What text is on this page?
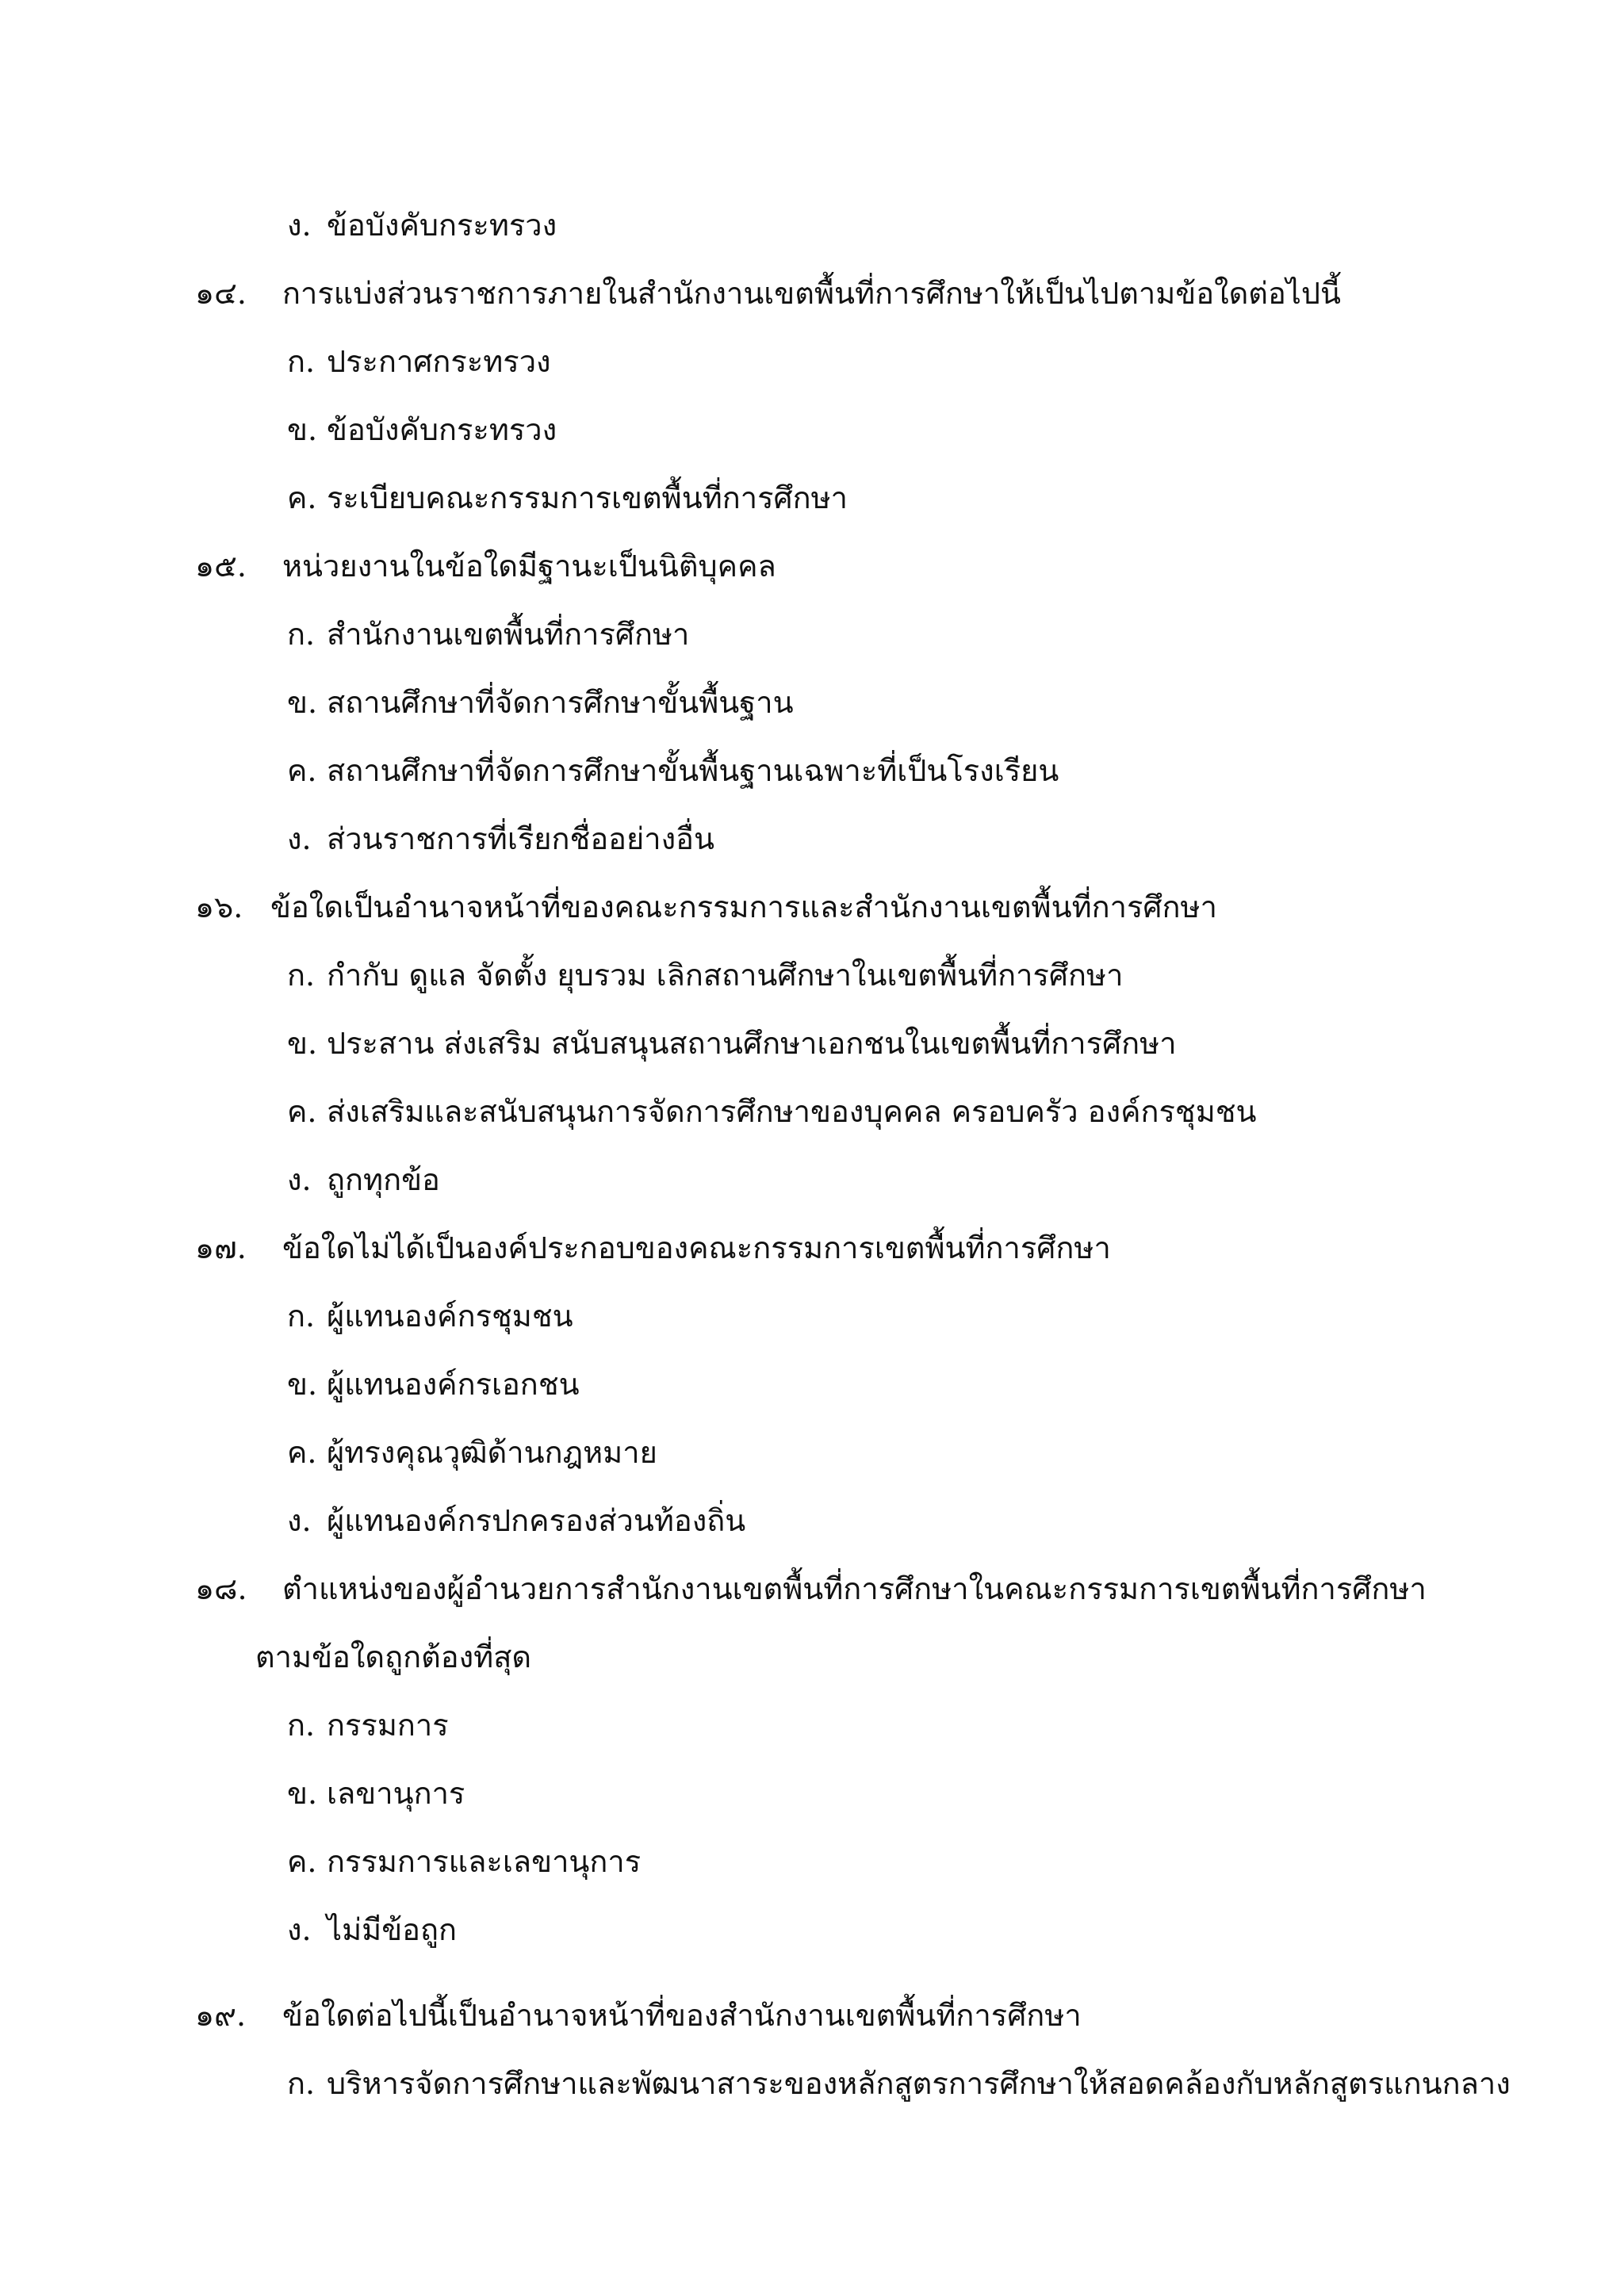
ง. ข้อบังคับกระทรวง
๑๔. การแบ่งส่วนราชการภายในสำนักงานเขตพื้นที่การศึกษาให้เป็นไปตามข้อใดต่อไปนี้
ก. ประกาศกระทรวง
ข. ข้อบังคับกระทรวง
ค. ระเบียบคณะกรรมการเขตพื้นที่การศึกษา
๑๕. หน่วยงานในข้อใดมีฐานะเป็นนิติบุคคล
ก. สำนักงานเขตพื้นที่การศึกษา
ข. สถานศึกษาที่จัดการศึกษาขั้นพื้นฐาน
ค. สถานศึกษาที่จัดการศึกษาขั้นพื้นฐานเฉพาะที่เป็นโรงเรียน
ง. ส่วนราชการที่เรียกชื่ออย่างอื่น
๑๖. ข้อใดเป็นอำนาจหน้าที่ของคณะกรรมการและสำนักงานเขตพื้นที่การศึกษา
ก. กำกับ ดูแล จัดตั้ง ยุบรวม เลิกสถานศึกษาในเขตพื้นที่การศึกษา
ข. ประสาน ส่งเสริม สนับสนุนสถานศึกษาเอกชนในเขตพื้นที่การศึกษา
ค. ส่งเสริมและสนับสนุนการจัดการศึกษาของบุคคล ครอบครัว องค์กรชุมชน
ง. ถูกทุกข้อ
๑๗. ข้อใดไม่ได้เป็นองค์ประกอบของคณะกรรมการเขตพื้นที่การศึกษา
ก. ผู้แทนองค์กรชุมชน
ข. ผู้แทนองค์กรเอกชน
ค. ผู้ทรงคุณวุฒิด้านกฎหมาย
ง. ผู้แทนองค์กรปกครองส่วนท้องถิ่น
๑๘. ตำแหน่งของผู้อำนวยการสำนักงานเขตพื้นที่การศึกษาในคณะกรรมการเขตพื้นที่การศึกษา
ตามข้อใดถูกต้องที่สุด
ก. กรรมการ
ข. เลขานุการ
ค. กรรมการและเลขานุการ
ง. ไม่มีข้อถูก
๑๙. ข้อใดต่อไปนี้เป็นอำนาจหน้าที่ของสำนักงานเขตพื้นที่การศึกษา
ก. บริหารจัดการศึกษาและพัฒนาสาระของหลักสูตรการศึกษาให้สอดคล้องกับหลักสูตรแกนกลาง
